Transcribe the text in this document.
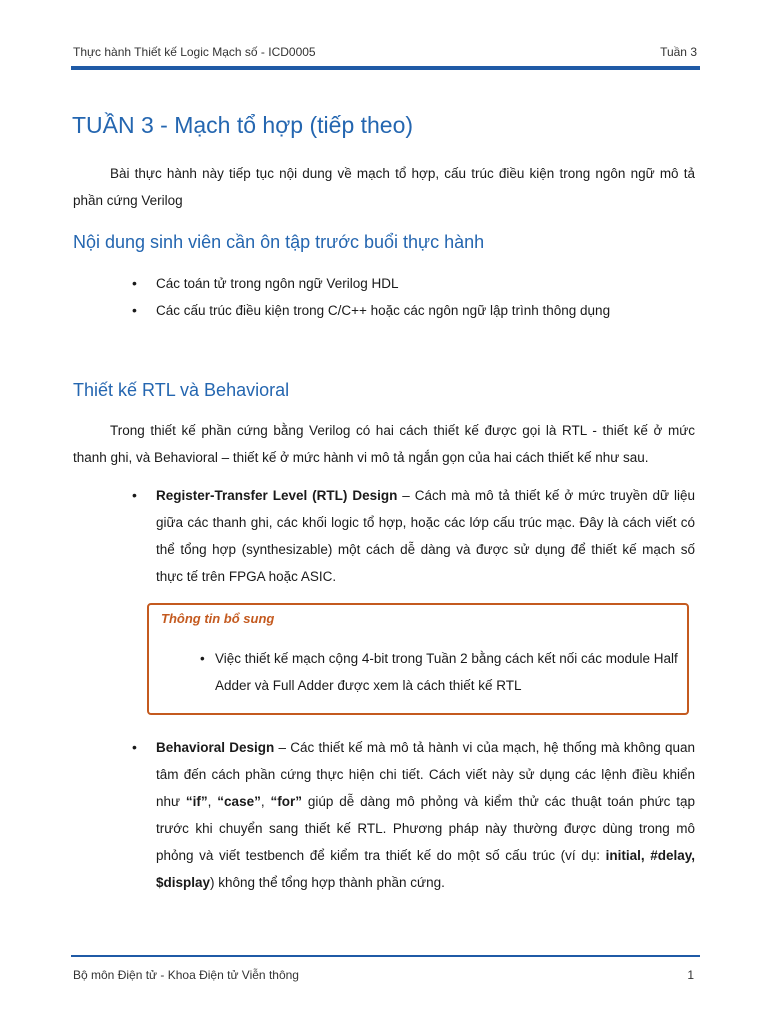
Thực hành Thiết kế Logic Mạch số - ICD0005	Tuần 3
TUẦN 3 - Mạch tổ hợp (tiếp theo)

Bài thực hành này tiếp tục nội dung về mạch tổ hợp, cấu trúc điều kiện trong ngôn ngữ mô tả phần cứng Verilog

Nội dung sinh viên cần ôn tập trước buổi thực hành
• Các toán tử trong ngôn ngữ Verilog HDL
• Các cấu trúc điều kiện trong C/C++ hoặc các ngôn ngữ lập trình thông dụng
Thiết kế RTL và Behavioral

Trong thiết kế phần cứng bằng Verilog có hai cách thiết kế được gọi là RTL - thiết kế ở mức thanh ghi, và Behavioral – thiết kế ở mức hành vi mô tả ngắn gọn của hai cách thiết kế như sau.

• Register-Transfer Level (RTL) Design – Cách mà mô tả thiết kế ở mức truyền dữ liệu giữa các thanh ghi, các khối logic tổ hợp, hoặc các lớp cấu trúc mạc. Đây là cách viết có thể tổng hợp (synthesizable) một cách dễ dàng và được sử dụng để thiết kế mạch số thực tế trên FPGA hoặc ASIC.
Thông tin bổ sung
• Việc thiết kế mạch cộng 4-bit trong Tuần 2 bằng cách kết nối các module Half Adder và Full Adder được xem là cách thiết kế RTL
• Behavioral Design – Các thiết kế mà mô tả hành vi của mạch, hệ thống mà không quan tâm đến cách phần cứng thực hiện chi tiết. Cách viết này sử dụng các lệnh điều khiển như “if”, “case”, “for” giúp dễ dàng mô phỏng và kiểm thử các thuật toán phức tạp trước khi chuyển sang thiết kế RTL. Phương pháp này thường được dùng trong mô phỏng và viết testbench để kiểm tra thiết kế do một số cấu trúc (ví dụ: initial, #delay, $display) không thể tổng hợp thành phần cứng.
Bộ môn Điện tử - Khoa Điện tử Viễn thông	1
